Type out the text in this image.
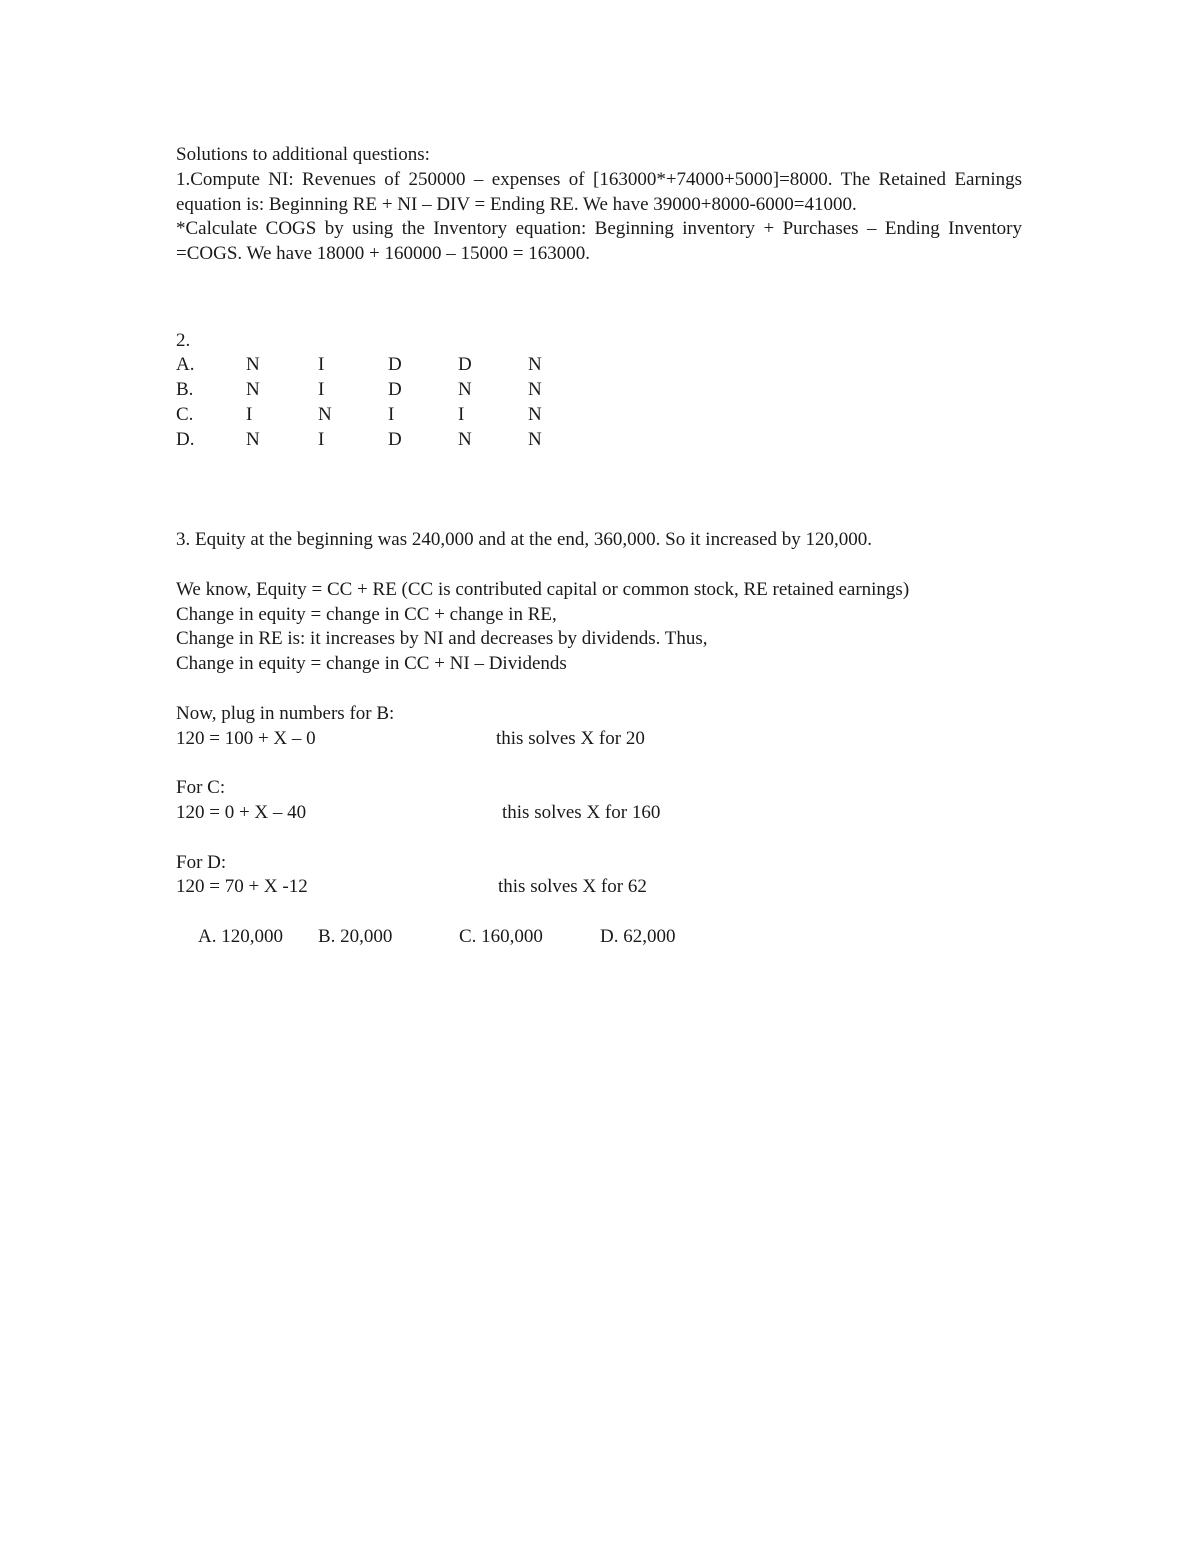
Solutions to additional questions:
1.Compute NI: Revenues of 250000 – expenses of [163000*+74000+5000]=8000. The Retained Earnings equation is: Beginning RE + NI – DIV = Ending RE. We have 39000+8000-6000=41000.
*Calculate COGS by using the Inventory equation: Beginning inventory + Purchases – Ending Inventory =COGS. We have 18000 + 160000 – 15000 = 163000.
2.
A.	N	I	D	D	N
B.	N	I	D	N	N
C.	I	N	I	I	N
D.	N	I	D	N	N
3. Equity at the beginning was 240,000 and at the end, 360,000. So it increased by 120,000.
We know, Equity = CC + RE (CC is contributed capital or common stock, RE retained earnings)
Change in equity = change in CC + change in RE,
Change in RE is: it increases by NI and decreases by dividends. Thus,
Change in equity = change in CC + NI – Dividends
Now, plug in numbers for B:
120 = 100 + X – 0	this solves X for 20
For C:
120 = 0 + X – 40	this solves X for 160
For D:
120 = 70 + X -12	this solves X for 62
A. 120,000	B. 20,000	C. 160,000	D. 62,000
